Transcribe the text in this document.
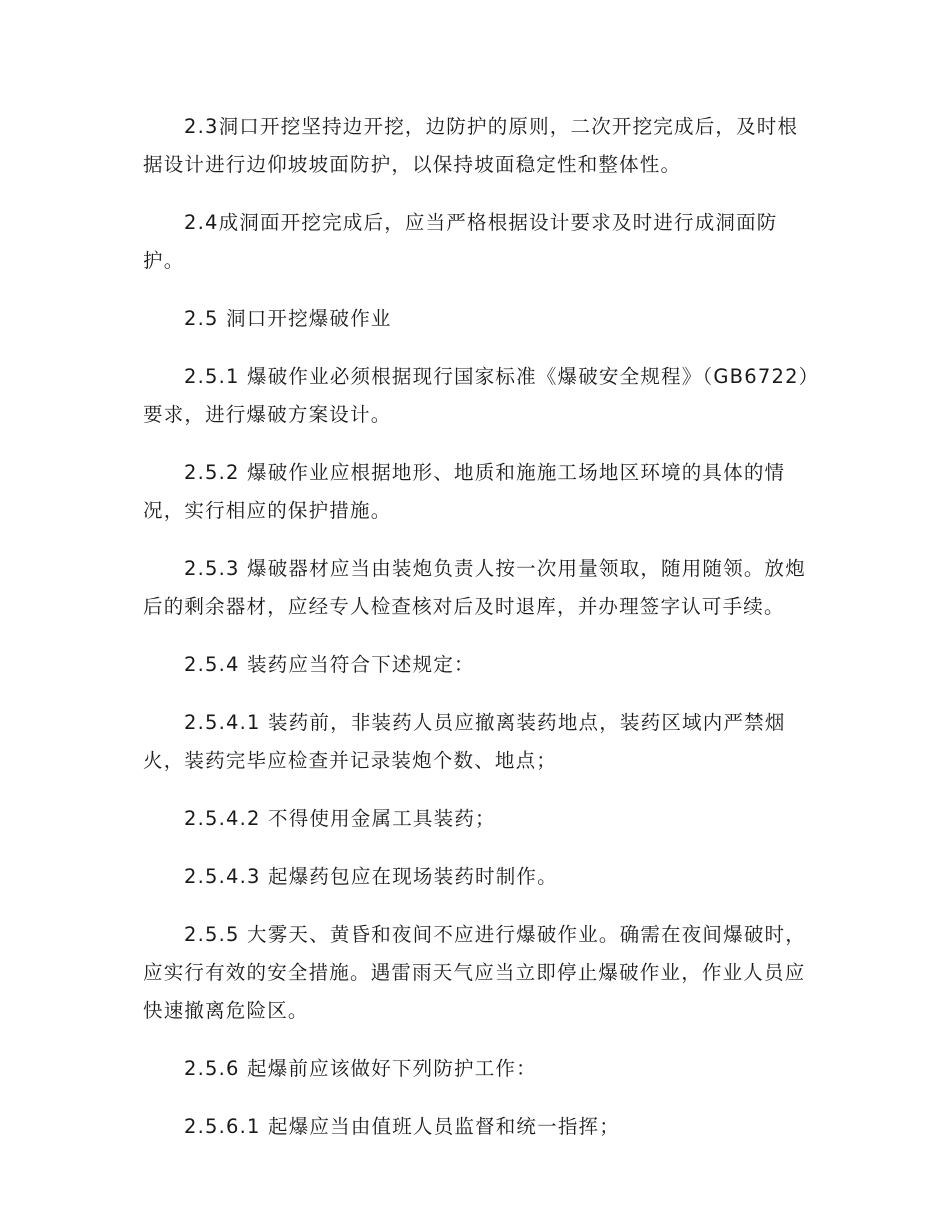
2.3洞口开挖坚持边开挖，边防护的原则，二次开挖完成后，及时根据设计进行边仰坡坡面防护，以保持坡面稳定性和整体性。

2.4成洞面开挖完成后，应当严格根据设计要求及时进行成洞面防护。

2.5 洞口开挖爆破作业

2.5.1 爆破作业必须根据现行国家标准《爆破安全规程》（GB6722）要求，进行爆破方案设计。

2.5.2 爆破作业应根据地形、地质和施施工场地区环境的具体的情况，实行相应的保护措施。

2.5.3 爆破器材应当由装炮负责人按一次用量领取，随用随领。放炮后的剩余器材，应经专人检查核对后及时退库，并办理签字认可手续。

2.5.4 装药应当符合下述规定：

2.5.4.1 装药前，非装药人员应撤离装药地点，装药区域内严禁烟火，装药完毕应检查并记录装炮个数、地点；

2.5.4.2 不得使用金属工具装药；

2.5.4.3 起爆药包应在现场装药时制作。

2.5.5 大雾天、黄昏和夜间不应进行爆破作业。确需在夜间爆破时，应实行有效的安全措施。遇雷雨天气应当立即停止爆破作业，作业人员应快速撤离危险区。

2.5.6 起爆前应该做好下列防护工作：

2.5.6.1 起爆应当由值班人员监督和统一指挥；
